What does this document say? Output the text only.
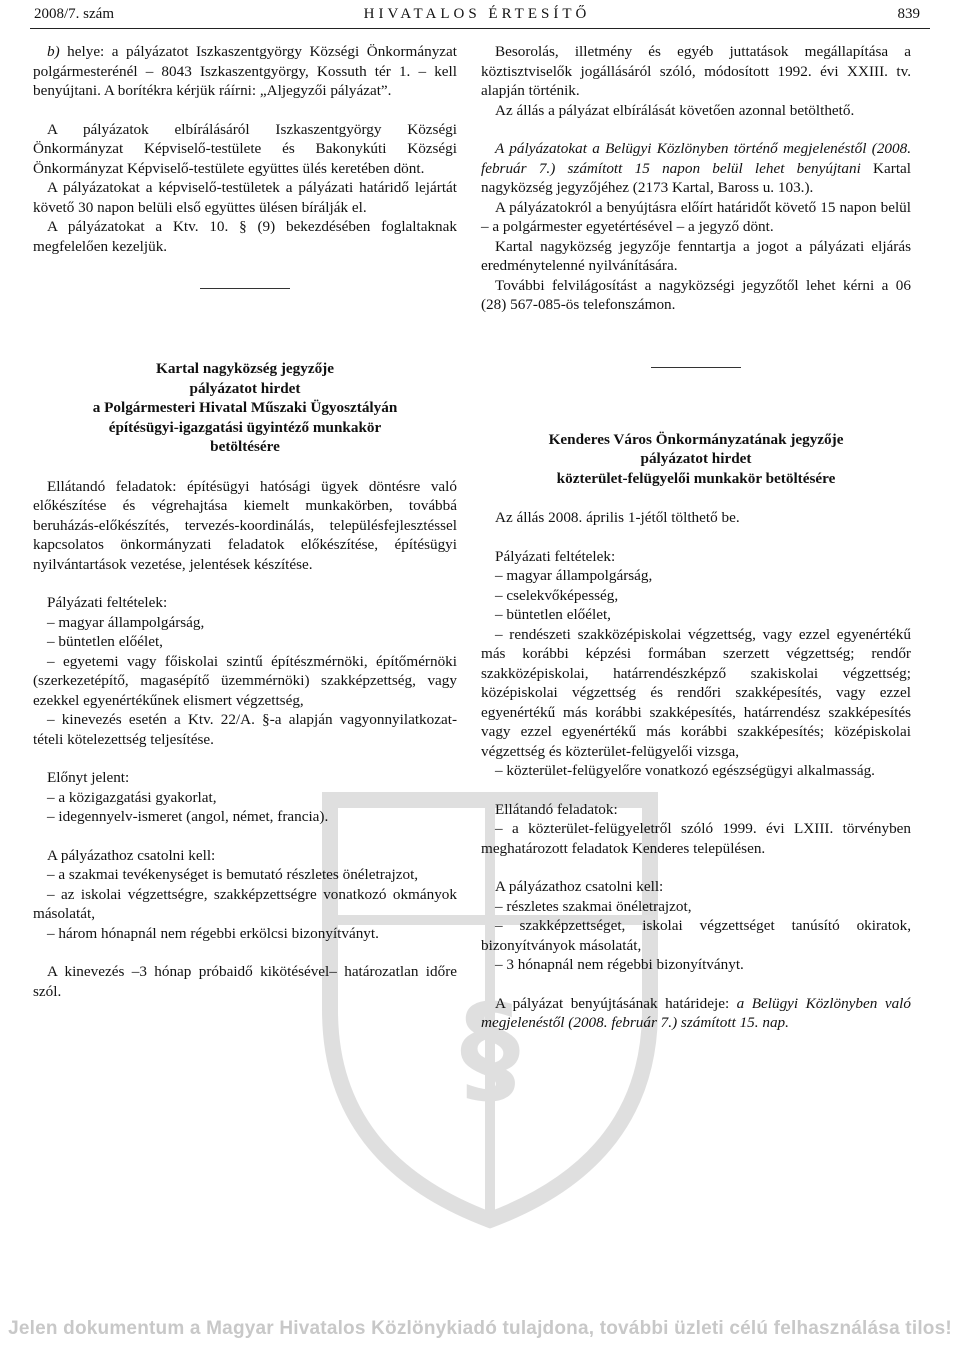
2008/7. szám	HIVATALOS ÉRTESÍTŐ	839
§

b) helye: a pályázatot Iszkaszentgyörgy Községi Önkormányzat polgármesterénél – 8043 Iszkaszentgyörgy, Kossuth tér 1. – kell benyújtani. A borítékra kérjük ráírni: „Aljegyzői pályázat”.

A pályázatok elbírálásáról Iszkaszentgyörgy Községi Önkormányzat Képviselő-testülete és Bakonykúti Községi Önkormányzat Képviselő-testülete együttes ülés keretében dönt.

A pályázatokat a képviselő-testületek a pályázati határidő lejártát követő 30 napon belüli első együttes ülésen bírálják el.

A pályázatokat a Ktv. 10. § (9) bekezdésében foglaltaknak megfelelően kezeljük.

Kartal nagyközség jegyzője
pályázatot hirdet
a Polgármesteri Hivatal Műszaki Ügyosztályán
építésügyi-igazgatási ügyintéző munkakör
betöltésére

Ellátandó feladatok: építésügyi hatósági ügyek döntésre való előkészítése és végrehajtása kiemelt munkakörben, továbbá beruházás-előkészítés, tervezés-koordinálás, településfejlesztéssel kapcsolatos önkormányzati feladatok előkészítése, építésügyi nyilvántartások vezetése, jelentések készítése.

Pályázati feltételek:

– magyar állampolgárság,

– büntetlen előélet,

– egyetemi vagy főiskolai szintű építészmérnöki, építőmérnöki (szerkezetépítő, magasépítő üzemmérnöki) szakképzettség, vagy ezekkel egyenértékűnek elismert végzettség,

– kinevezés esetén a Ktv. 22/A. §-a alapján vagyonnyilatkozat-tételi kötelezettség teljesítése.

Előnyt jelent:

– a közigazgatási gyakorlat,

– idegennyelv-ismeret (angol, német, francia).

A pályázathoz csatolni kell:

– a szakmai tevékenységet is bemutató részletes önéletrajzot,

– az iskolai végzettségre, szakképzettségre vonatkozó okmányok másolatát,

– három hónapnál nem régebbi erkölcsi bizonyítványt.

A kinevezés –3 hónap próbaidő kikötésével– határozatlan időre szól.

Besorolás, illetmény és egyéb juttatások megállapítása a köztisztviselők jogállásáról szóló, módosított 1992. évi XXIII. tv. alapján történik.

Az állás a pályázat elbírálását követően azonnal betölthető.

A pályázatokat a Belügyi Közlönyben történő megjelenéstől (2008. február 7.) számított 15 napon belül lehet benyújtani Kartal nagyközség jegyzőjéhez (2173 Kartal, Baross u. 103.).

A pályázatokról a benyújtásra előírt határidőt követő 15 napon belül – a polgármester egyetértésével – a jegyző dönt.

Kartal nagyközség jegyzője fenntartja a jogot a pályázati eljárás eredménytelenné nyilvánítására.

További felvilágosítást a nagyközségi jegyzőtől lehet kérni a 06 (28) 567-085-ös telefonszámon.

Kenderes Város Önkormányzatának jegyzője
pályázatot hirdet
közterület-felügyelői munkakör betöltésére

Az állás 2008. április 1-jétől tölthető be.

Pályázati feltételek:

– magyar állampolgárság,

– cselekvőképesség,

– büntetlen előélet,

– rendészeti szakközépiskolai végzettség, vagy ezzel egyenértékű más korábbi képzési formában szerzett végzettség; rendőr szakközépiskolai, határrendészképző szakiskolai végzettség; középiskolai végzettség és rendőri szakképesítés, vagy ezzel egyenértékű más korábbi szakképesítés, határrendész szakképesítés vagy ezzel egyenértékű más korábbi szakképesítés; középiskolai végzettség és közterület-felügyelői vizsga,

– közterület-felügyelőre vonatkozó egészségügyi alkalmasság.

Ellátandó feladatok:

– a közterület-felügyeletről szóló 1999. évi LXIII. törvényben meghatározott feladatok Kenderes településen.

A pályázathoz csatolni kell:

– részletes szakmai önéletrajzot,

– szakképzettséget, iskolai végzettséget tanúsító okiratok, bizonyítványok másolatát,

– 3 hónapnál nem régebbi bizonyítványt.

A pályázat benyújtásának határideje: a Belügyi Közlönyben való megjelenéstől (2008. február 7.) számított 15. nap.

Jelen dokumentum a Magyar Hivatalos Közlönykiadó tulajdona, további üzleti célú felhasználása tilos!
